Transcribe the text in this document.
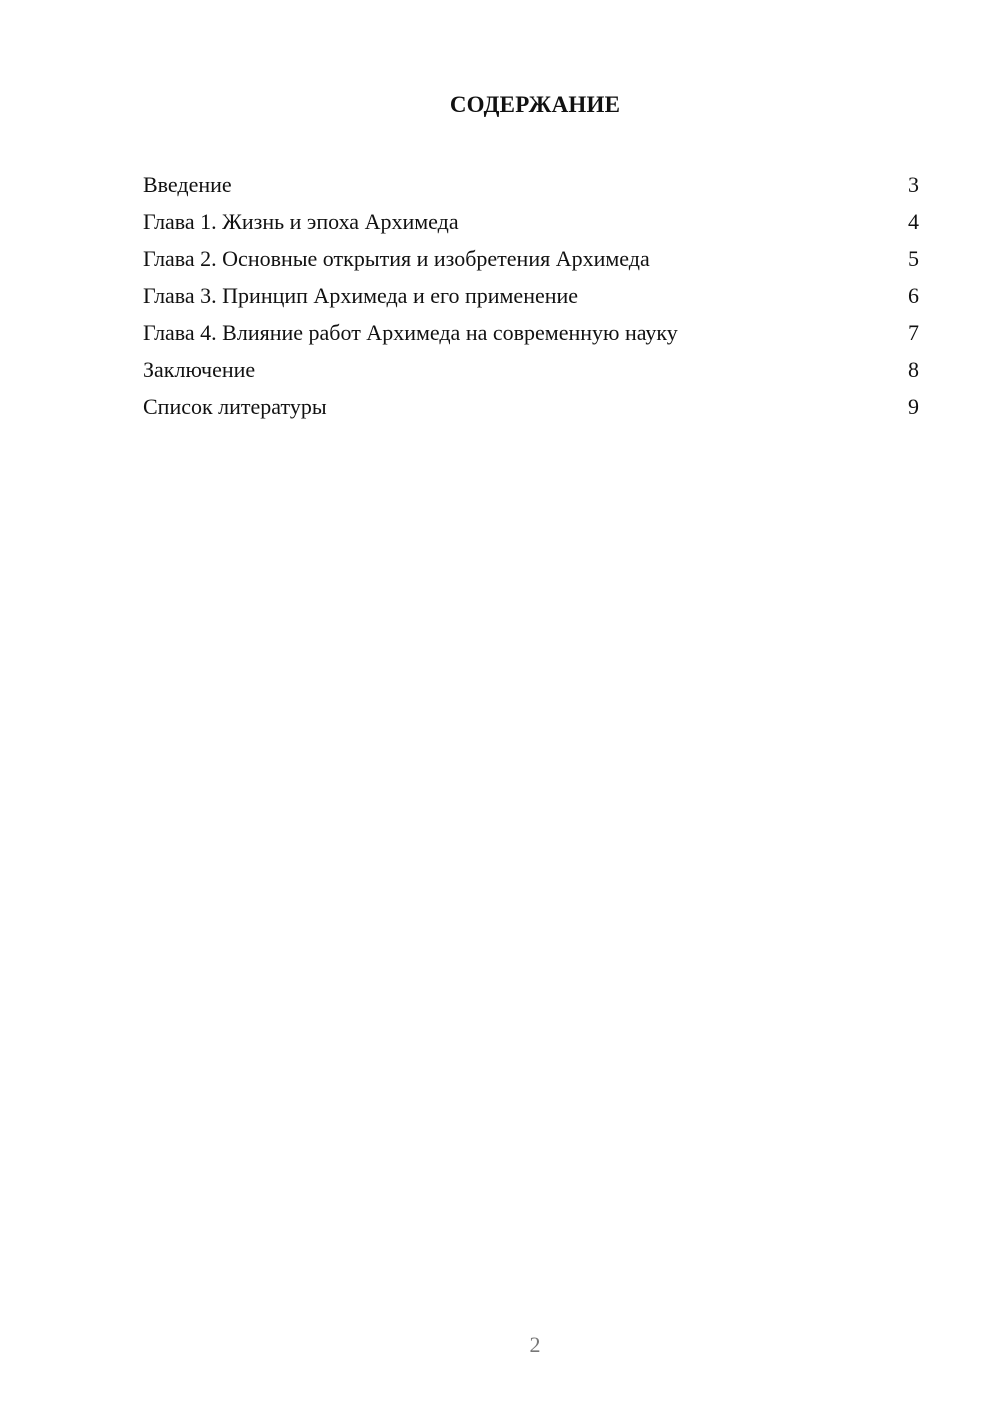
СОДЕРЖАНИЕ
Введение	3
Глава 1. Жизнь и эпоха Архимеда	4
Глава 2. Основные открытия и изобретения Архимеда	5
Глава 3. Принцип Архимеда и его применение	6
Глава 4. Влияние работ Архимеда на современную науку	7
Заключение	8
Список литературы	9
2
